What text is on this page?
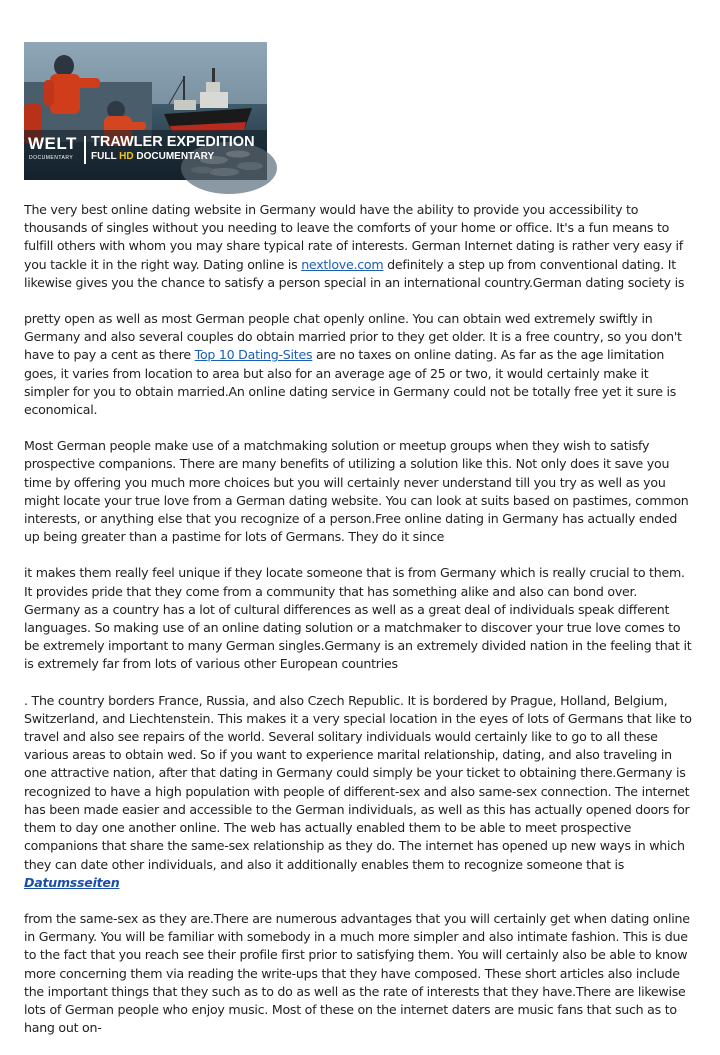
WELT
DOCUMENTARY
TRAWLER EXPEDITION
FULL HD DOCUMENTARY

The very best online dating website in Germany would have the ability to provide you accessibility to thousands of singles without you needing to leave the comforts of your home or office. It's a fun means to fulfill others with whom you may share typical rate of interests. German Internet dating is rather very easy if you tackle it in the right way. Dating online is nextlove.com definitely a step up from conventional dating. It likewise gives you the chance to satisfy a person special in an international country.German dating society is

pretty open as well as most German people chat openly online. You can obtain wed extremely swiftly in Germany and also several couples do obtain married prior to they get older. It is a free country, so you don't have to pay a cent as there Top 10 Dating-Sites are no taxes on online dating. As far as the age limitation goes, it varies from location to area but also for an average age of 25 or two, it would certainly make it simpler for you to obtain married.An online dating service in Germany could not be totally free yet it sure is economical.

Most German people make use of a matchmaking solution or meetup groups when they wish to satisfy prospective companions. There are many benefits of utilizing a solution like this. Not only does it save you time by offering you much more choices but you will certainly never understand till you try as well as you might locate your true love from a German dating website. You can look at suits based on pastimes, common interests, or anything else that you recognize of a person.Free online dating in Germany has actually ended up being greater than a pastime for lots of Germans. They do it since

it makes them really feel unique if they locate someone that is from Germany which is really crucial to them. It provides pride that they come from a community that has something alike and also can bond over. Germany as a country has a lot of cultural differences as well as a great deal of individuals speak different languages. So making use of an online dating solution or a matchmaker to discover your true love comes to be extremely important to many German singles.Germany is an extremely divided nation in the feeling that it is extremely far from lots of various other European countries

. The country borders France, Russia, and also Czech Republic. It is bordered by Prague, Holland, Belgium, Switzerland, and Liechtenstein. This makes it a very special location in the eyes of lots of Germans that like to travel and also see repairs of the world. Several solitary individuals would certainly like to go to all these various areas to obtain wed. So if you want to experience marital relationship, dating, and also traveling in one attractive nation, after that dating in Germany could simply be your ticket to obtaining there.Germany is recognized to have a high population with people of different-sex and also same-sex connection. The internet has been made easier and accessible to the German individuals, as well as this has actually opened doors for them to day one another online. The web has actually enabled them to be able to meet prospective companions that share the same-sex relationship as they do. The internet has opened up new ways in which they can date other individuals, and also it additionally enables them to recognize someone that is Datumsseiten

from the same-sex as they are.There are numerous advantages that you will certainly get when dating online in Germany. You will be familiar with somebody in a much more simpler and also intimate fashion. This is due to the fact that you reach see their profile first prior to satisfying them. You will certainly also be able to know more concerning them via reading the write-ups that they have composed. These short articles also include the important things that they such as to do as well as the rate of interests that they have.There are likewise lots of German people who enjoy music. Most of these on the internet daters are music fans that such as to hang out on-
